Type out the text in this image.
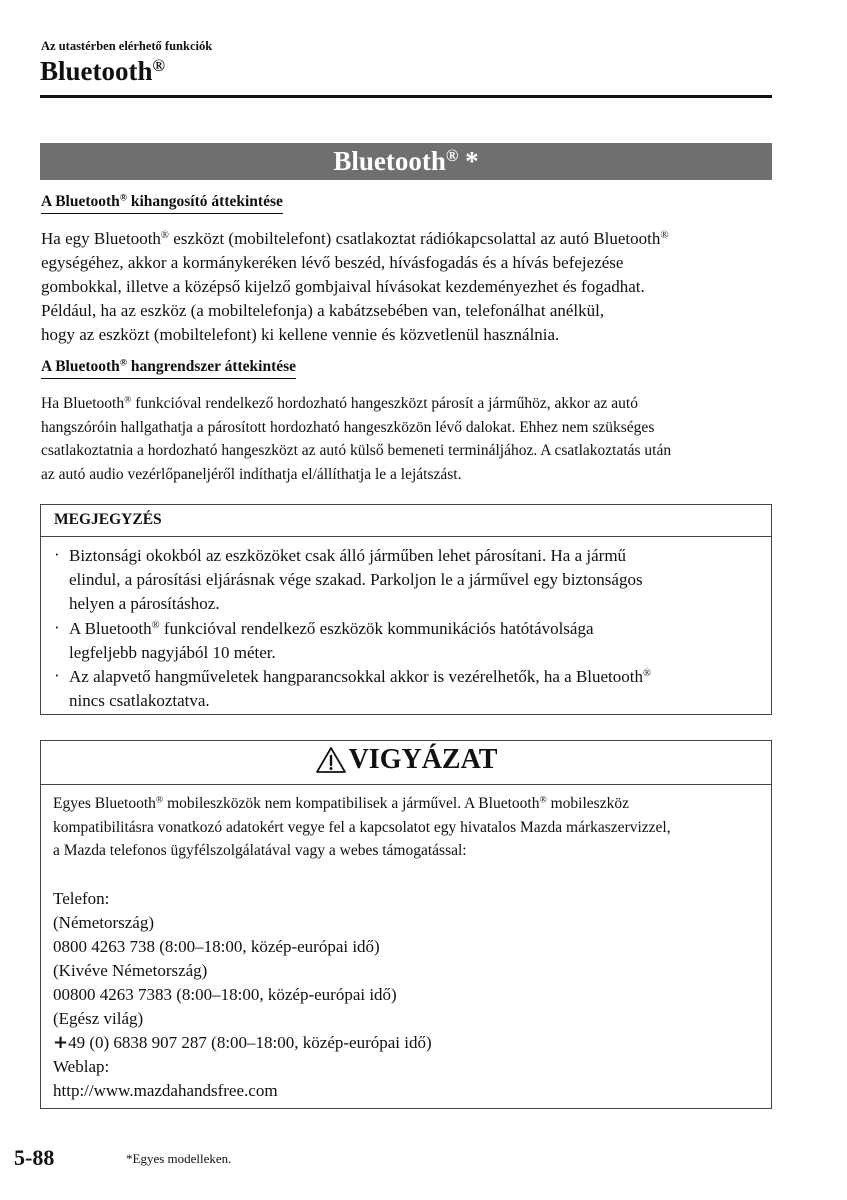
Az utastérben elérhető funkciók
Bluetooth®
Bluetooth® *
A Bluetooth® kihangosító áttekintése
Ha egy Bluetooth® eszközt (mobiltelefont) csatlakoztat rádiókapcsolattal az autó Bluetooth®
egységéhez, akkor a kormánykeréken lévő beszéd, hívásfogadás és a hívás befejezése
gombokkal, illetve a középső kijelző gombjaival hívásokat kezdeményezhet és fogadhat.
Például, ha az eszköz (a mobiltelefonja) a kabátzsebében van, telefonálhat anélkül,
hogy az eszközt (mobiltelefont) ki kellene vennie és közvetlenül használnia.
A Bluetooth® hangrendszer áttekintése
Ha Bluetooth® funkcióval rendelkező hordozható hangeszközt párosít a járműhöz, akkor az autó
hangszóróin hallgathatja a párosított hordozható hangeszközön lévő dalokat. Ehhez nem szükséges
csatlakoztatnia a hordozható hangeszközt az autó külső bemeneti termináljához. A csatlakoztatás után
az autó audio vezérlőpaneljéről indíthatja el/állíthatja le a lejátszást.
MEGJEGYZÉS
· Biztonsági okokból az eszközöket csak álló járműben lehet párosítani. Ha a jármű
elindul, a párosítási eljárásnak vége szakad. Parkoljon le a járművel egy biztonságos
helyen a párosításhoz.
· A Bluetooth® funkcióval rendelkező eszközök kommunikációs hatótávolsága
legfeljebb nagyjából 10 méter.
· Az alapvető hangműveletek hangparancsokkal akkor is vezérelhetők, ha a Bluetooth®
nincs csatlakoztatva.
VIGYÁZAT
Egyes Bluetooth® mobileszközök nem kompatibilisek a járművel. A Bluetooth® mobileszköz
kompatibilitásra vonatkozó adatokért vegye fel a kapcsolatot egy hivatalos Mazda márkaszervizzel,
a Mazda telefonos ügyfélszolgálatával vagy a webes támogatással:
Telefon:
(Németország)
0800 4263 738 (8:00–18:00, közép-európai idő)
(Kivéve Németország)
00800 4263 7383 (8:00–18:00, közép-európai idő)
(Egész világ)
+49 (0) 6838 907 287 (8:00–18:00, közép-európai idő)
Weblap:
http://www.mazdahandsfree.com
5-88	*Egyes modelleken.
